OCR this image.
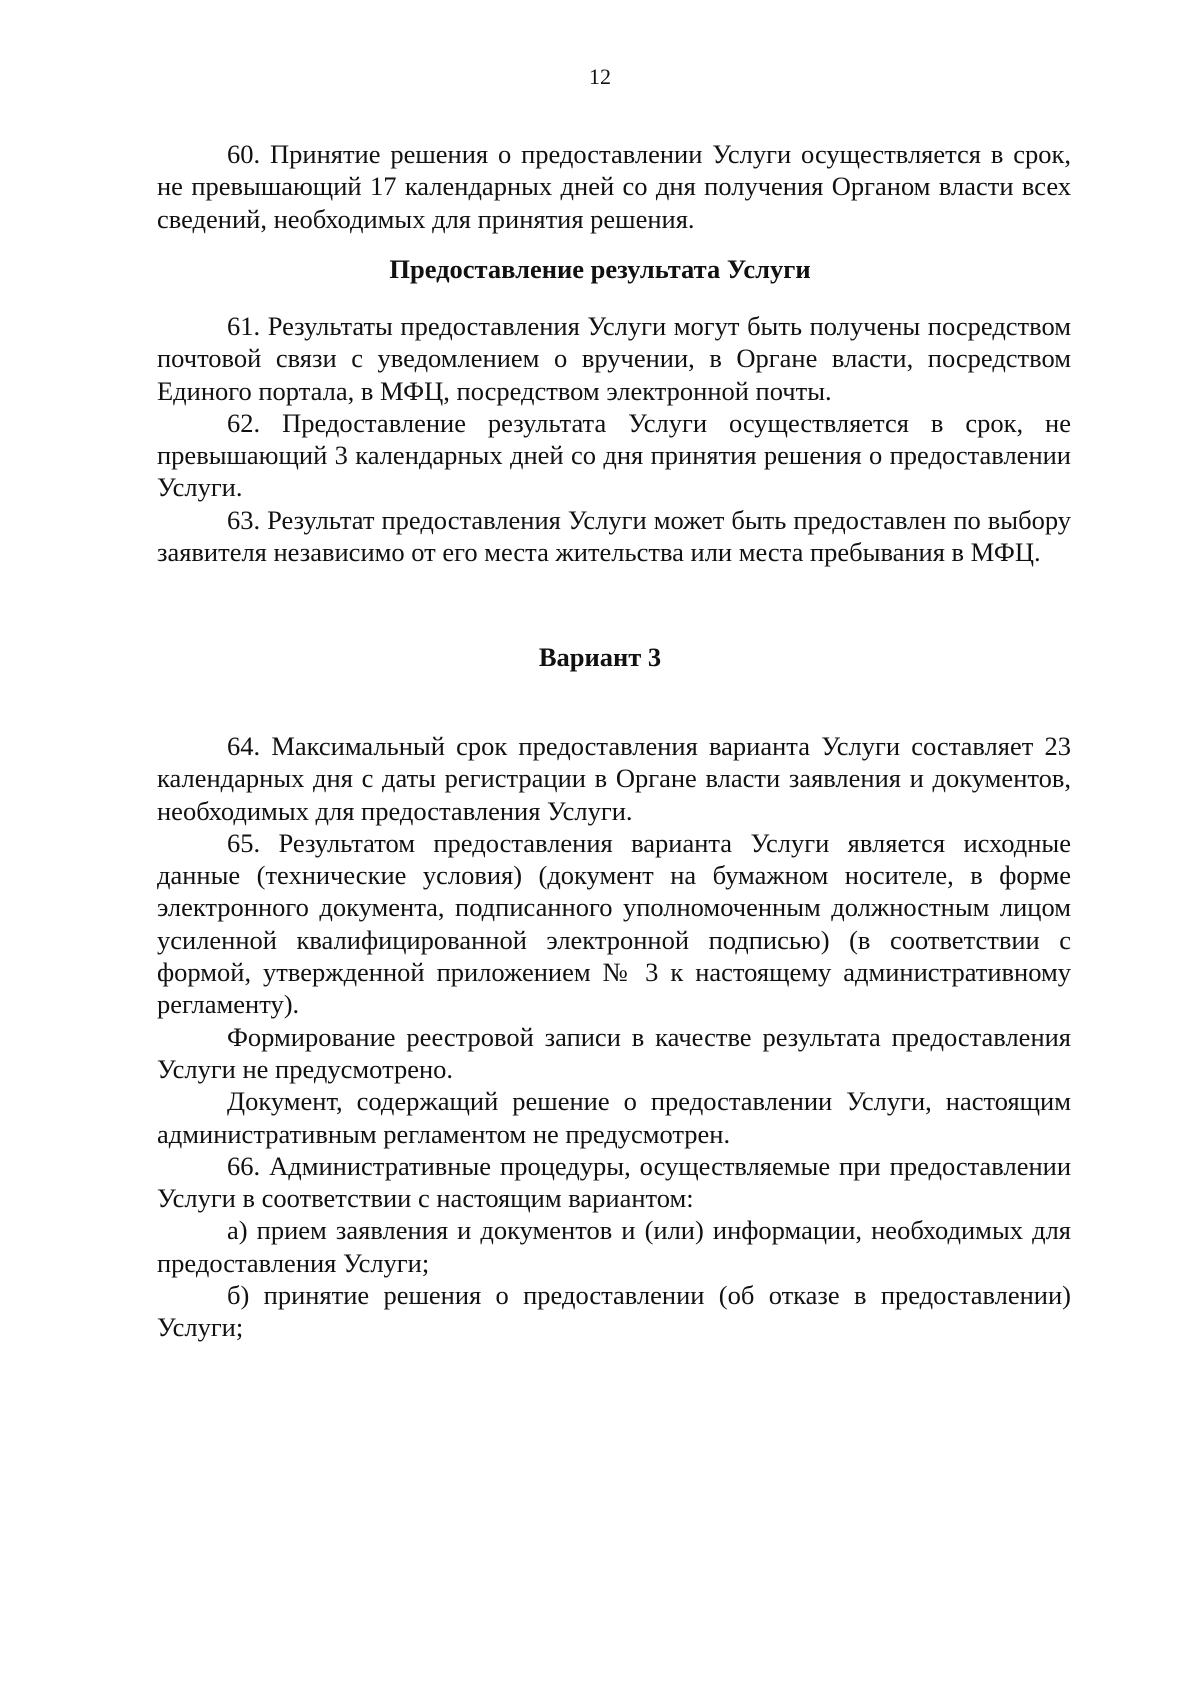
12

60. Принятие решения о предоставлении Услуги осуществляется в срок, не превышающий 17 календарных дней со дня получения Органом власти всех сведений, необходимых для принятия решения.

Предоставление результата Услуги

61. Результаты предоставления Услуги могут быть получены посредством почтовой связи с уведомлением о вручении, в Органе власти, посредством Единого портала, в МФЦ, посредством электронной почты.

62. Предоставление результата Услуги осуществляется в срок, не превышающий 3 календарных дней со дня принятия решения о предоставлении Услуги.

63. Результат предоставления Услуги может быть предоставлен по выбору заявителя независимо от его места жительства или места пребывания в МФЦ.

Вариант 3

64. Максимальный срок предоставления варианта Услуги составляет 23 календарных дня с даты регистрации в Органе власти заявления и документов, необходимых для предоставления Услуги.

65. Результатом предоставления варианта Услуги является исходные данные (технические условия) (документ на бумажном носителе, в форме электронного документа, подписанного уполномоченным должностным лицом усиленной квалифицированной электронной подписью) (в соответствии с формой, утвержденной приложением № 3 к настоящему административному регламенту).

Формирование реестровой записи в качестве результата предоставления Услуги не предусмотрено.

Документ, содержащий решение о предоставлении Услуги, настоящим административным регламентом не предусмотрен.

66. Административные процедуры, осуществляемые при предоставлении Услуги в соответствии с настоящим вариантом:

а) прием заявления и документов и (или) информации, необходимых для предоставления Услуги;

б) принятие решения о предоставлении (об отказе в предоставлении) Услуги;
